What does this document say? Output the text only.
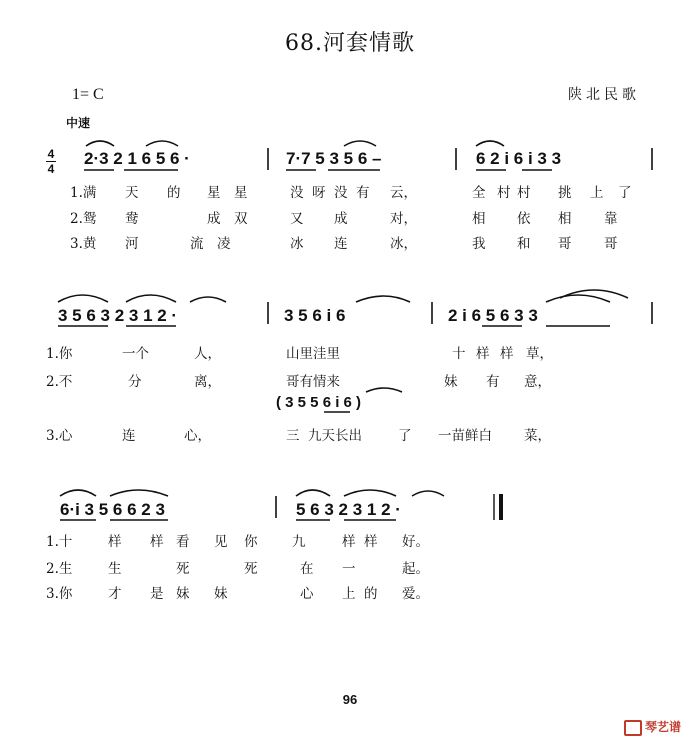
68.河套情歌
1= C	陕北民歌
中速
4
4
2·3 2 1 6 5 6 ·	7·7 5 3 5 6 –	6 2 i 6 i 3 3
1.满 天 的 星 星	没 呀 没 有 云，	全 村 村 挑 上 了
2.鸳 鸯	成 双	又 成	对，	相 依 相 靠
3.黄 河	流 凌	冰 连	冰，	我 和 哥 哥
3 5 6 3 2 3 1 2 ·	3 5 6 i 6	2 i 6 5 6 3 3
1.你	一个	人，	山里洼里	十 样 样 草，
2.不	分	离，	哥有情来	妹 有 意，
( 3 5 5 6 i 6 )
3.心	连	心，	三 九天长出	了 一苗鲜白 菜，
6·i 3 5 6 6 2 3	5 6 3 2 3 1 2 ·
1.十	样 样 看 见 你	九	样 样 好。
2.生	生	死	死	在 一	起。
3.你	才 是 妹 妹	心 上 的 爱。
96
琴艺谱
